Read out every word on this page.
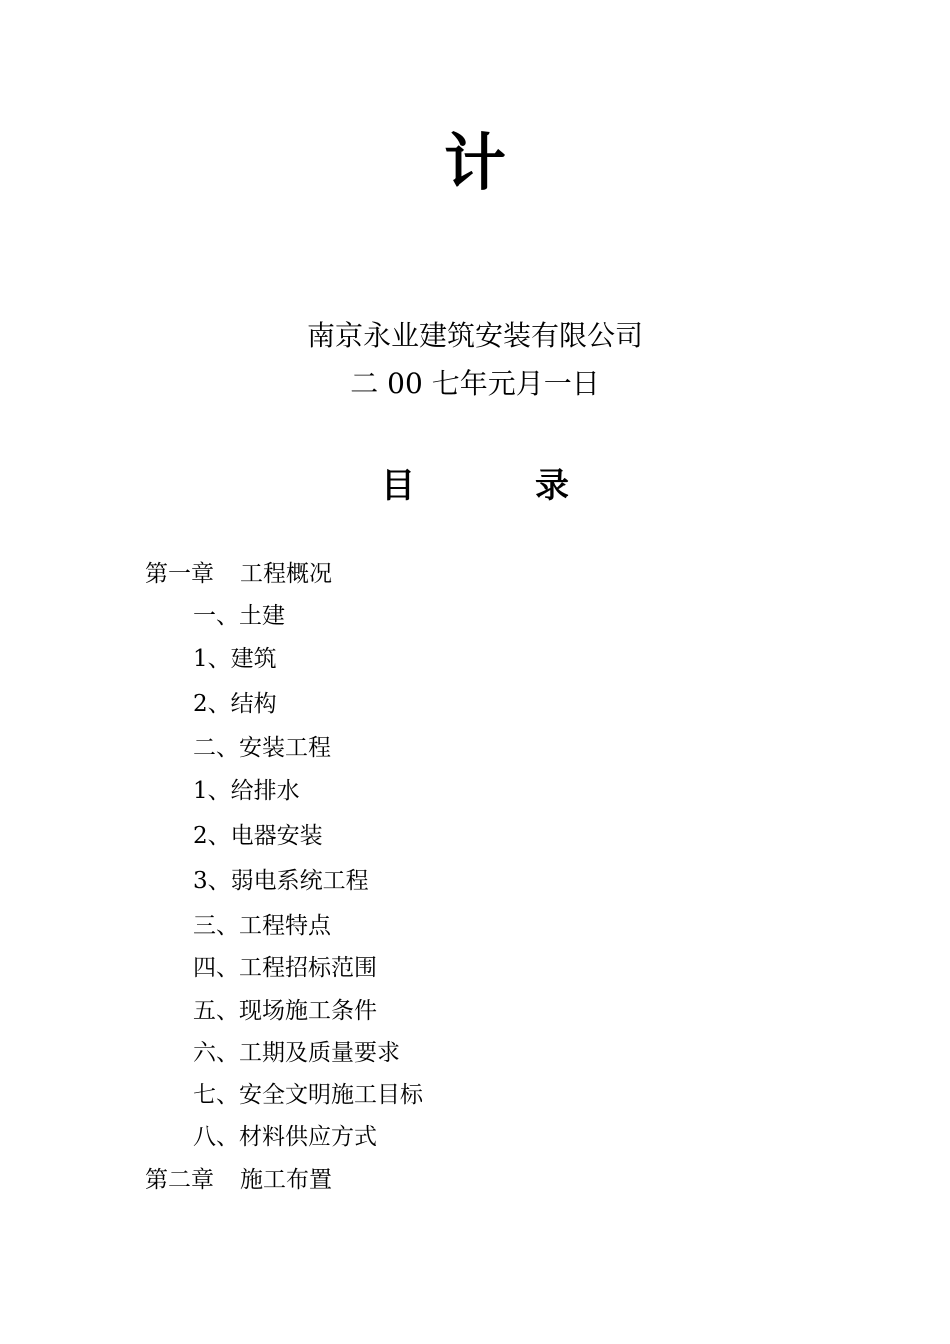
计
南京永业建筑安装有限公司
二 00 七年元月一日
目	录
第一章 工程概况
一、土建
1、建筑
2、结构
二、安装工程
1、给排水
2、电器安装
3、弱电系统工程
三、工程特点
四、工程招标范围
五、现场施工条件
六、工期及质量要求
七、安全文明施工目标
八、材料供应方式
第二章 施工布置
